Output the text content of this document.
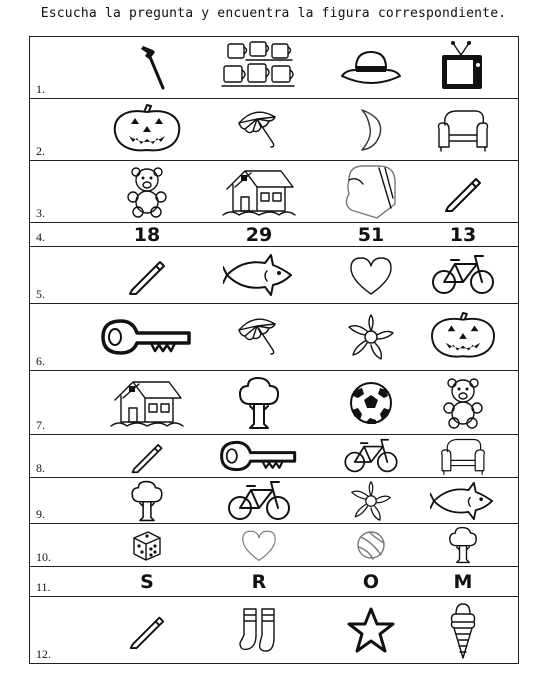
Escucha la pregunta y encuentra la figura correspondiente.
1.
2.
3.
4.	18	29	51	13
5.
6.
7.
8.
9.
10.
11.	S	R	O	M
12.
